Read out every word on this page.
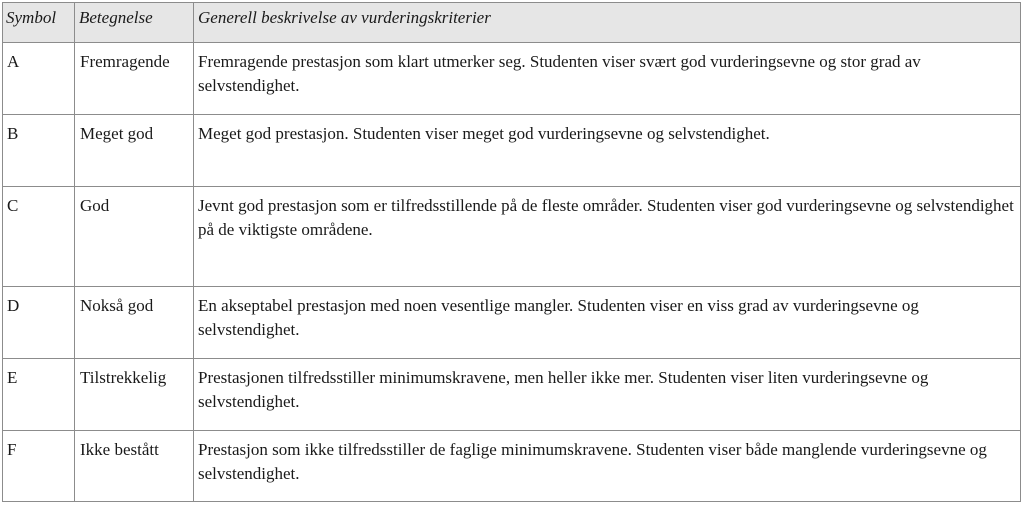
Symbol	Betegnelse	Generell beskrivelse av vurderingskriterier
A	Fremragende	Fremragende prestasjon som klart utmerker seg. Studenten viser svært god vurderingsevne og stor grad av selvstendighet.
B	Meget god	Meget god prestasjon. Studenten viser meget god vurderingsevne og selvstendighet.
C	God	Jevnt god prestasjon som er tilfredsstillende på de fleste områder. Studenten viser god vurderingsevne og selvstendighet på de viktigste områdene.
D	Nokså god	En akseptabel prestasjon med noen vesentlige mangler. Studenten viser en viss grad av vurderingsevne og selvstendighet.
E	Tilstrekkelig	Prestasjonen tilfredsstiller minimumskravene, men heller ikke mer. Studenten viser liten vurderingsevne og selvstendighet.
F	Ikke bestått	Prestasjon som ikke tilfredsstiller de faglige minimumskravene. Studenten viser både manglende vurderingsevne og selvstendighet.
